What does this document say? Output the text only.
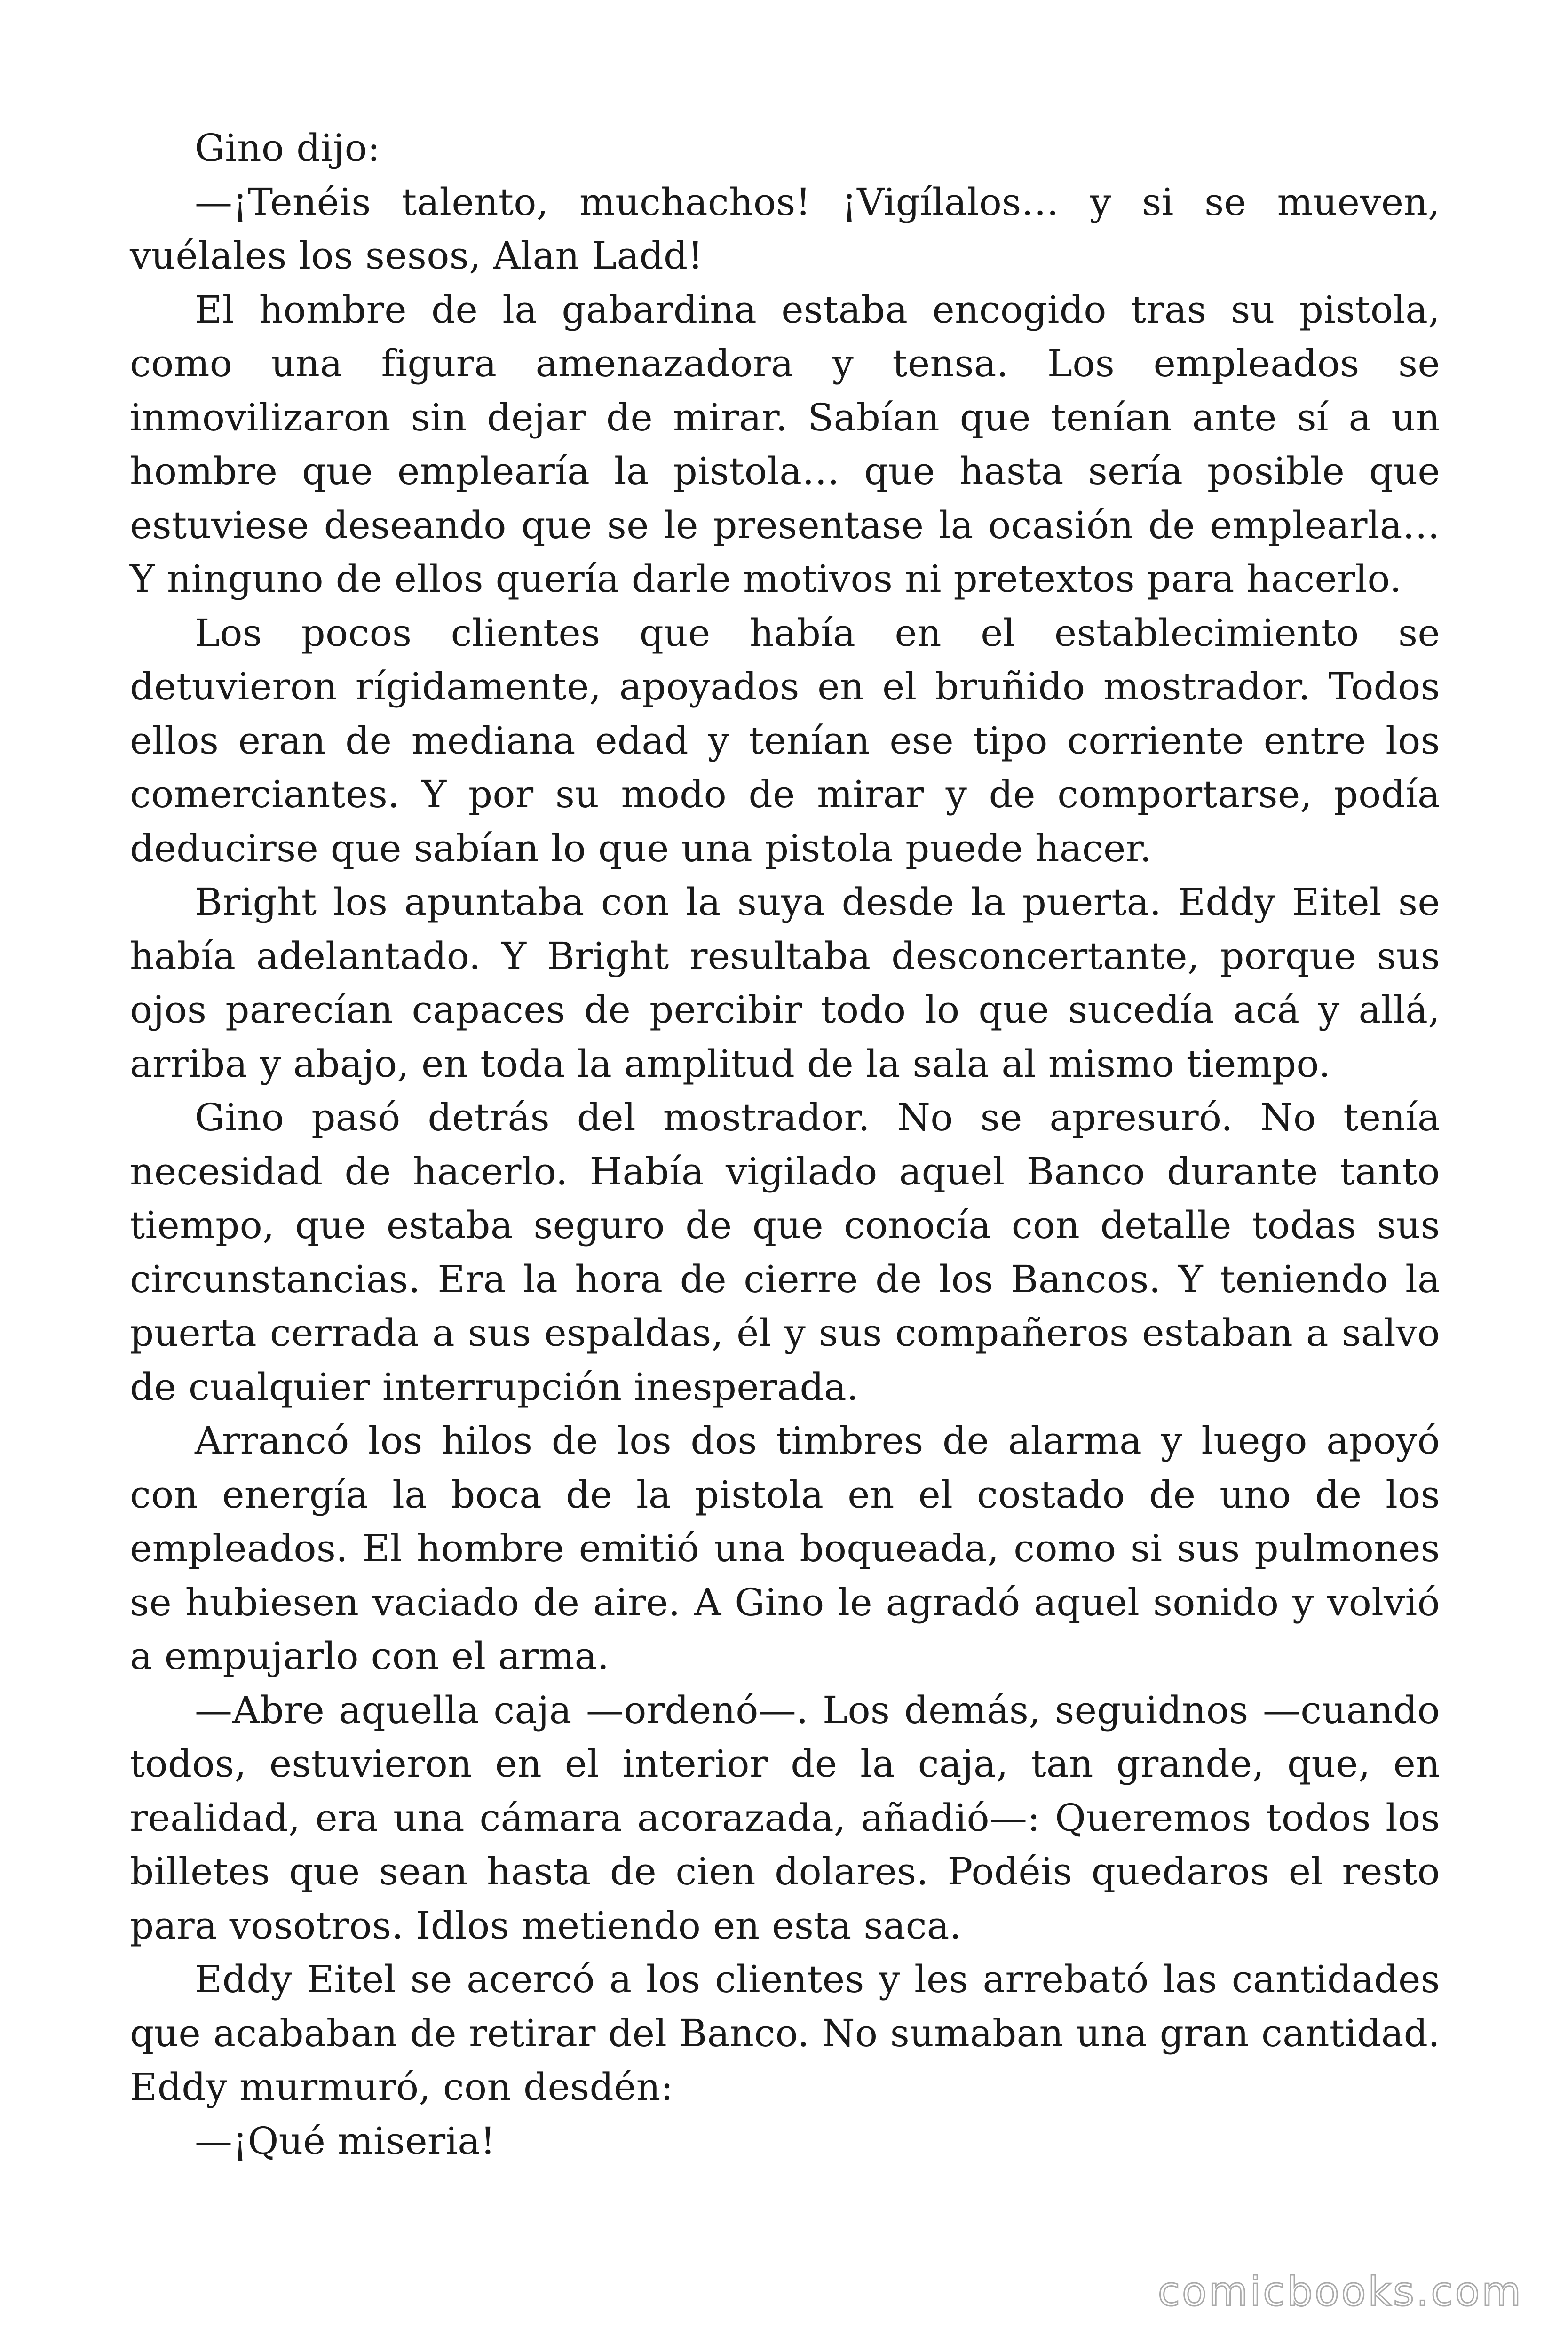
Gino dijo:

—¡Tenéis talento, muchachos! ¡Vigílalos… y si se mueven, vuélales los sesos, Alan Ladd!

El hombre de la gabardina estaba encogido tras su pistola, como una figura amenazadora y tensa. Los empleados se inmovilizaron sin dejar de mirar. Sabían que tenían ante sí a un hombre que emplearía la pistola… que hasta sería posible que estuviese deseando que se le presentase la ocasión de emplearla… Y ninguno de ellos quería darle motivos ni pretextos para hacerlo.

Los pocos clientes que había en el establecimiento se detuvieron rígidamente, apoyados en el bruñido mostrador. Todos ellos eran de mediana edad y tenían ese tipo corriente entre los comerciantes. Y por su modo de mirar y de comportarse, podía deducirse que sabían lo que una pistola puede hacer.

Bright los apuntaba con la suya desde la puerta. Eddy Eitel se había adelantado. Y Bright resultaba desconcertante, porque sus ojos parecían capaces de percibir todo lo que sucedía acá y allá, arriba y abajo, en toda la amplitud de la sala al mismo tiempo.

Gino pasó detrás del mostrador. No se apresuró. No tenía necesidad de hacerlo. Había vigilado aquel Banco durante tanto tiempo, que estaba seguro de que conocía con detalle todas sus circunstancias. Era la hora de cierre de los Bancos. Y teniendo la puerta cerrada a sus espaldas, él y sus compañeros estaban a salvo de cualquier interrupción inesperada.

Arrancó los hilos de los dos timbres de alarma y luego apoyó con energía la boca de la pistola en el costado de uno de los empleados. El hombre emitió una boqueada, como si sus pulmones se hubiesen vaciado de aire. A Gino le agradó aquel sonido y volvió a empujarlo con el arma.

—Abre aquella caja —ordenó—. Los demás, seguidnos —cuando todos, estuvieron en el interior de la caja, tan grande, que, en realidad, era una cámara acorazada, añadió—: Queremos todos los billetes que sean hasta de cien dolares. Podéis quedaros el resto para vosotros. Idlos metiendo en esta saca.

Eddy Eitel se acercó a los clientes y les arrebató las cantidades que acababan de retirar del Banco. No sumaban una gran cantidad. Eddy murmuró, con desdén:

—¡Qué miseria!

comicbooks.com
